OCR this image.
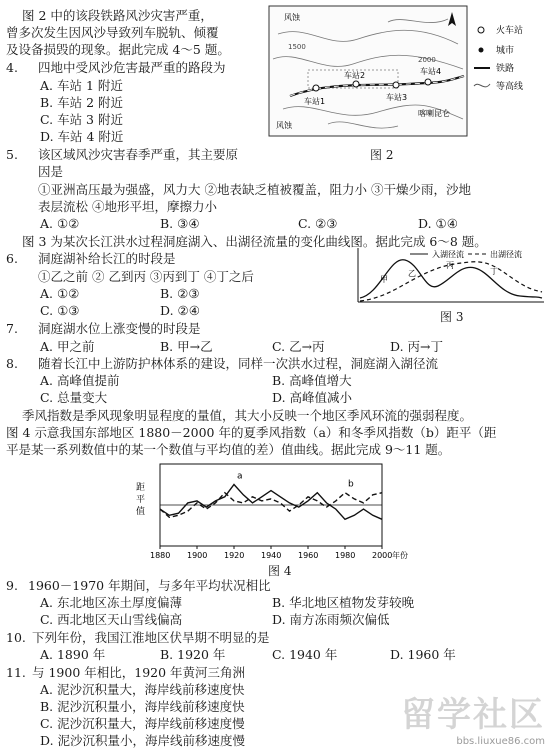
图 2 中的该段铁路风沙灾害严重，
曾多次发生因风沙导致列车脱轨、倾覆
及设备损毁的现象。据此完成 4～5 题。
风蚀
车站1
车站2
车站3
车站4
喀喇昆仑
1500
2000
风蚀
火车站
城市
铁路
等高线
图 2
4. 四地中受风沙危害最严重的路段为
A. 车站 1 附近
B. 车站 2 附近
C. 车站 3 附近
D. 车站 4 附近
5. 该区域风沙灾害春季严重，其主要原
因是
①亚洲高压最为强盛，风力大 ②地表缺乏植被覆盖，阻力小 ③干燥少雨，沙地
表层流松 ④地形平坦，摩擦力小
A. ①②	B. ③④	C. ②③	D. ①④
图 3 为某次长江洪水过程洞庭湖入、出湖径流量的变化曲线图。据此完成 6～8 题。
6. 洞庭湖补给长江的时段是
①乙之前 ② 乙到丙 ③丙到丁 ④丁之后
A. ①②	B. ②③
C. ①③	D. ②④
入湖径流	出湖径流
甲
乙
丙
丁
图 3
7. 洞庭湖水位上涨变慢的时段是
A. 甲之前	B. 甲→乙	C. 乙→丙	D. 丙→丁
8. 随着长江中上游防护林体系的建设，同样一次洪水过程，洞庭湖入湖径流
A. 高峰值提前	B. 高峰值增大
C. 总量变大	D. 高峰值减小
季风指数是季风现象明显程度的量值，其大小反映一个地区季风环流的强弱程度。
图 4 示意我国东部地区 1880－2000 年的夏季风指数（a）和冬季风指数（b）距平（距
平是某一系列数值中的某一个数值与平均值的差）值曲线。据此完成 9～11 题。
距
平
值
a
b
1880 1900 1920 1940 1960 1980 2000 年份
图 4
9. 1960－1970 年期间，与多年平均状况相比
A. 东北地区冻土厚度偏薄	B. 华北地区植物发芽较晚
C. 西北地区天山雪线偏高	D. 南方冻雨频次偏低
10. 下列年份，我国江淮地区伏旱期不明显的是
A. 1890 年	B. 1920 年	C. 1940 年	D. 1960 年
11. 与 1900 年相比，1920 年黄河三角洲
A. 泥沙沉积量大，海岸线前移速度快
B. 泥沙沉积量小，海岸线前移速度快
C. 泥沙沉积量大，海岸线前移速度慢
D. 泥沙沉积量小，海岸线前移速度慢
留学社区
bbs.liuxue86.com
